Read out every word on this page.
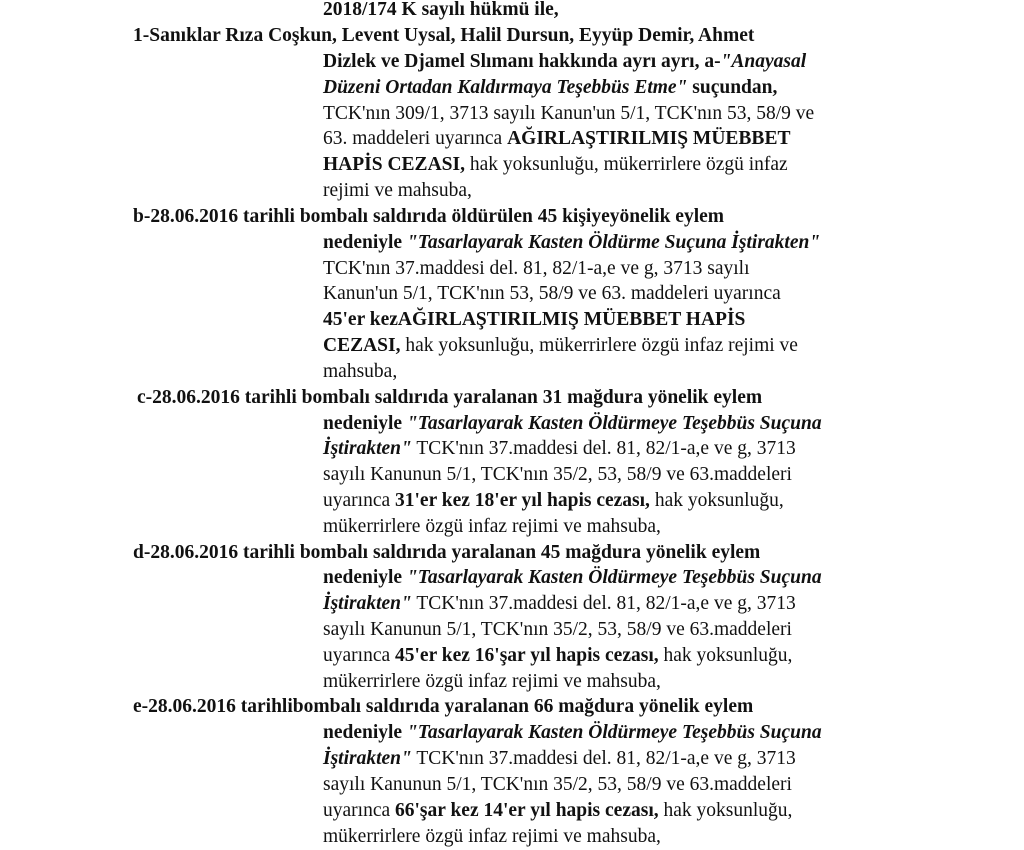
2018/174 K sayılı hükmü ile,
1-Sanıklar Rıza Coşkun, Levent Uysal, Halil Dursun, Eyyüp Demir, Ahmet
Dizlek ve Djamel Slımanı hakkında ayrı ayrı, a-"Anayasal
Düzeni Ortadan Kaldırmaya Teşebbüs Etme" suçundan,
TCK'nın 309/1, 3713 sayılı Kanun'un 5/1, TCK'nın 53, 58/9 ve
63. maddeleri uyarınca AĞIRLAŞTIRILMIŞ MÜEBBET
HAPİS CEZASI, hak yoksunluğu, mükerrirlere özgü infaz
rejimi ve mahsuba,
b-28.06.2016 tarihli bombalı saldırıda öldürülen 45 kişiyeyönelik eylem
nedeniyle "Tasarlayarak Kasten Öldürme Suçuna İştirakten"
TCK'nın 37.maddesi del. 81, 82/1-a,e ve g, 3713 sayılı
Kanun'un 5/1, TCK'nın 53, 58/9 ve 63. maddeleri uyarınca
45'er kezAĞIRLAŞTIRILMIŞ MÜEBBET HAPİS
CEZASI, hak yoksunluğu, mükerrirlere özgü infaz rejimi ve
mahsuba,
c-28.06.2016 tarihli bombalı saldırıda yaralanan 31 mağdura yönelik eylem
nedeniyle "Tasarlayarak Kasten Öldürmeye Teşebbüs Suçuna
İştirakten" TCK'nın 37.maddesi del. 81, 82/1-a,e ve g, 3713
sayılı Kanunun 5/1, TCK'nın 35/2, 53, 58/9 ve 63.maddeleri
uyarınca 31'er kez 18'er yıl hapis cezası, hak yoksunluğu,
mükerrirlere özgü infaz rejimi ve mahsuba,
d-28.06.2016 tarihli bombalı saldırıda yaralanan 45 mağdura yönelik eylem
nedeniyle "Tasarlayarak Kasten Öldürmeye Teşebbüs Suçuna
İştirakten" TCK'nın 37.maddesi del. 81, 82/1-a,e ve g, 3713
sayılı Kanunun 5/1, TCK'nın 35/2, 53, 58/9 ve 63.maddeleri
uyarınca 45'er kez 16'şar yıl hapis cezası, hak yoksunluğu,
mükerrirlere özgü infaz rejimi ve mahsuba,
e-28.06.2016 tarihlibombalı saldırıda yaralanan 66 mağdura yönelik eylem
nedeniyle "Tasarlayarak Kasten Öldürmeye Teşebbüs Suçuna
İştirakten" TCK'nın 37.maddesi del. 81, 82/1-a,e ve g, 3713
sayılı Kanunun 5/1, TCK'nın 35/2, 53, 58/9 ve 63.maddeleri
uyarınca 66'şar kez 14'er yıl hapis cezası, hak yoksunluğu,
mükerrirlere özgü infaz rejimi ve mahsuba,
